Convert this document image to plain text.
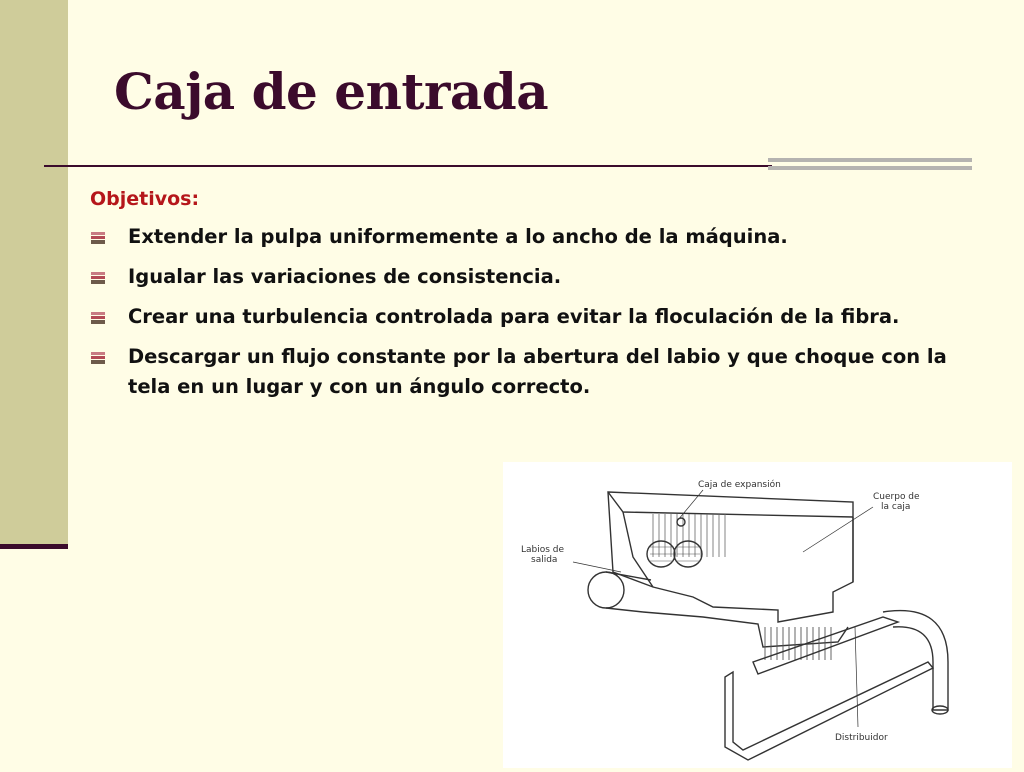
Caja de entrada
Objetivos:
Extender la pulpa uniformemente a lo ancho de la máquina.
Igualar las variaciones de consistencia.
Crear una turbulencia controlada para evitar la floculación de la fibra.
Descargar un flujo constante por la abertura del labio y que choque con la tela en un lugar y con un ángulo correcto.
Caja de expansión
Cuerpo de
la caja
Labios de
salida
Distribuidor
